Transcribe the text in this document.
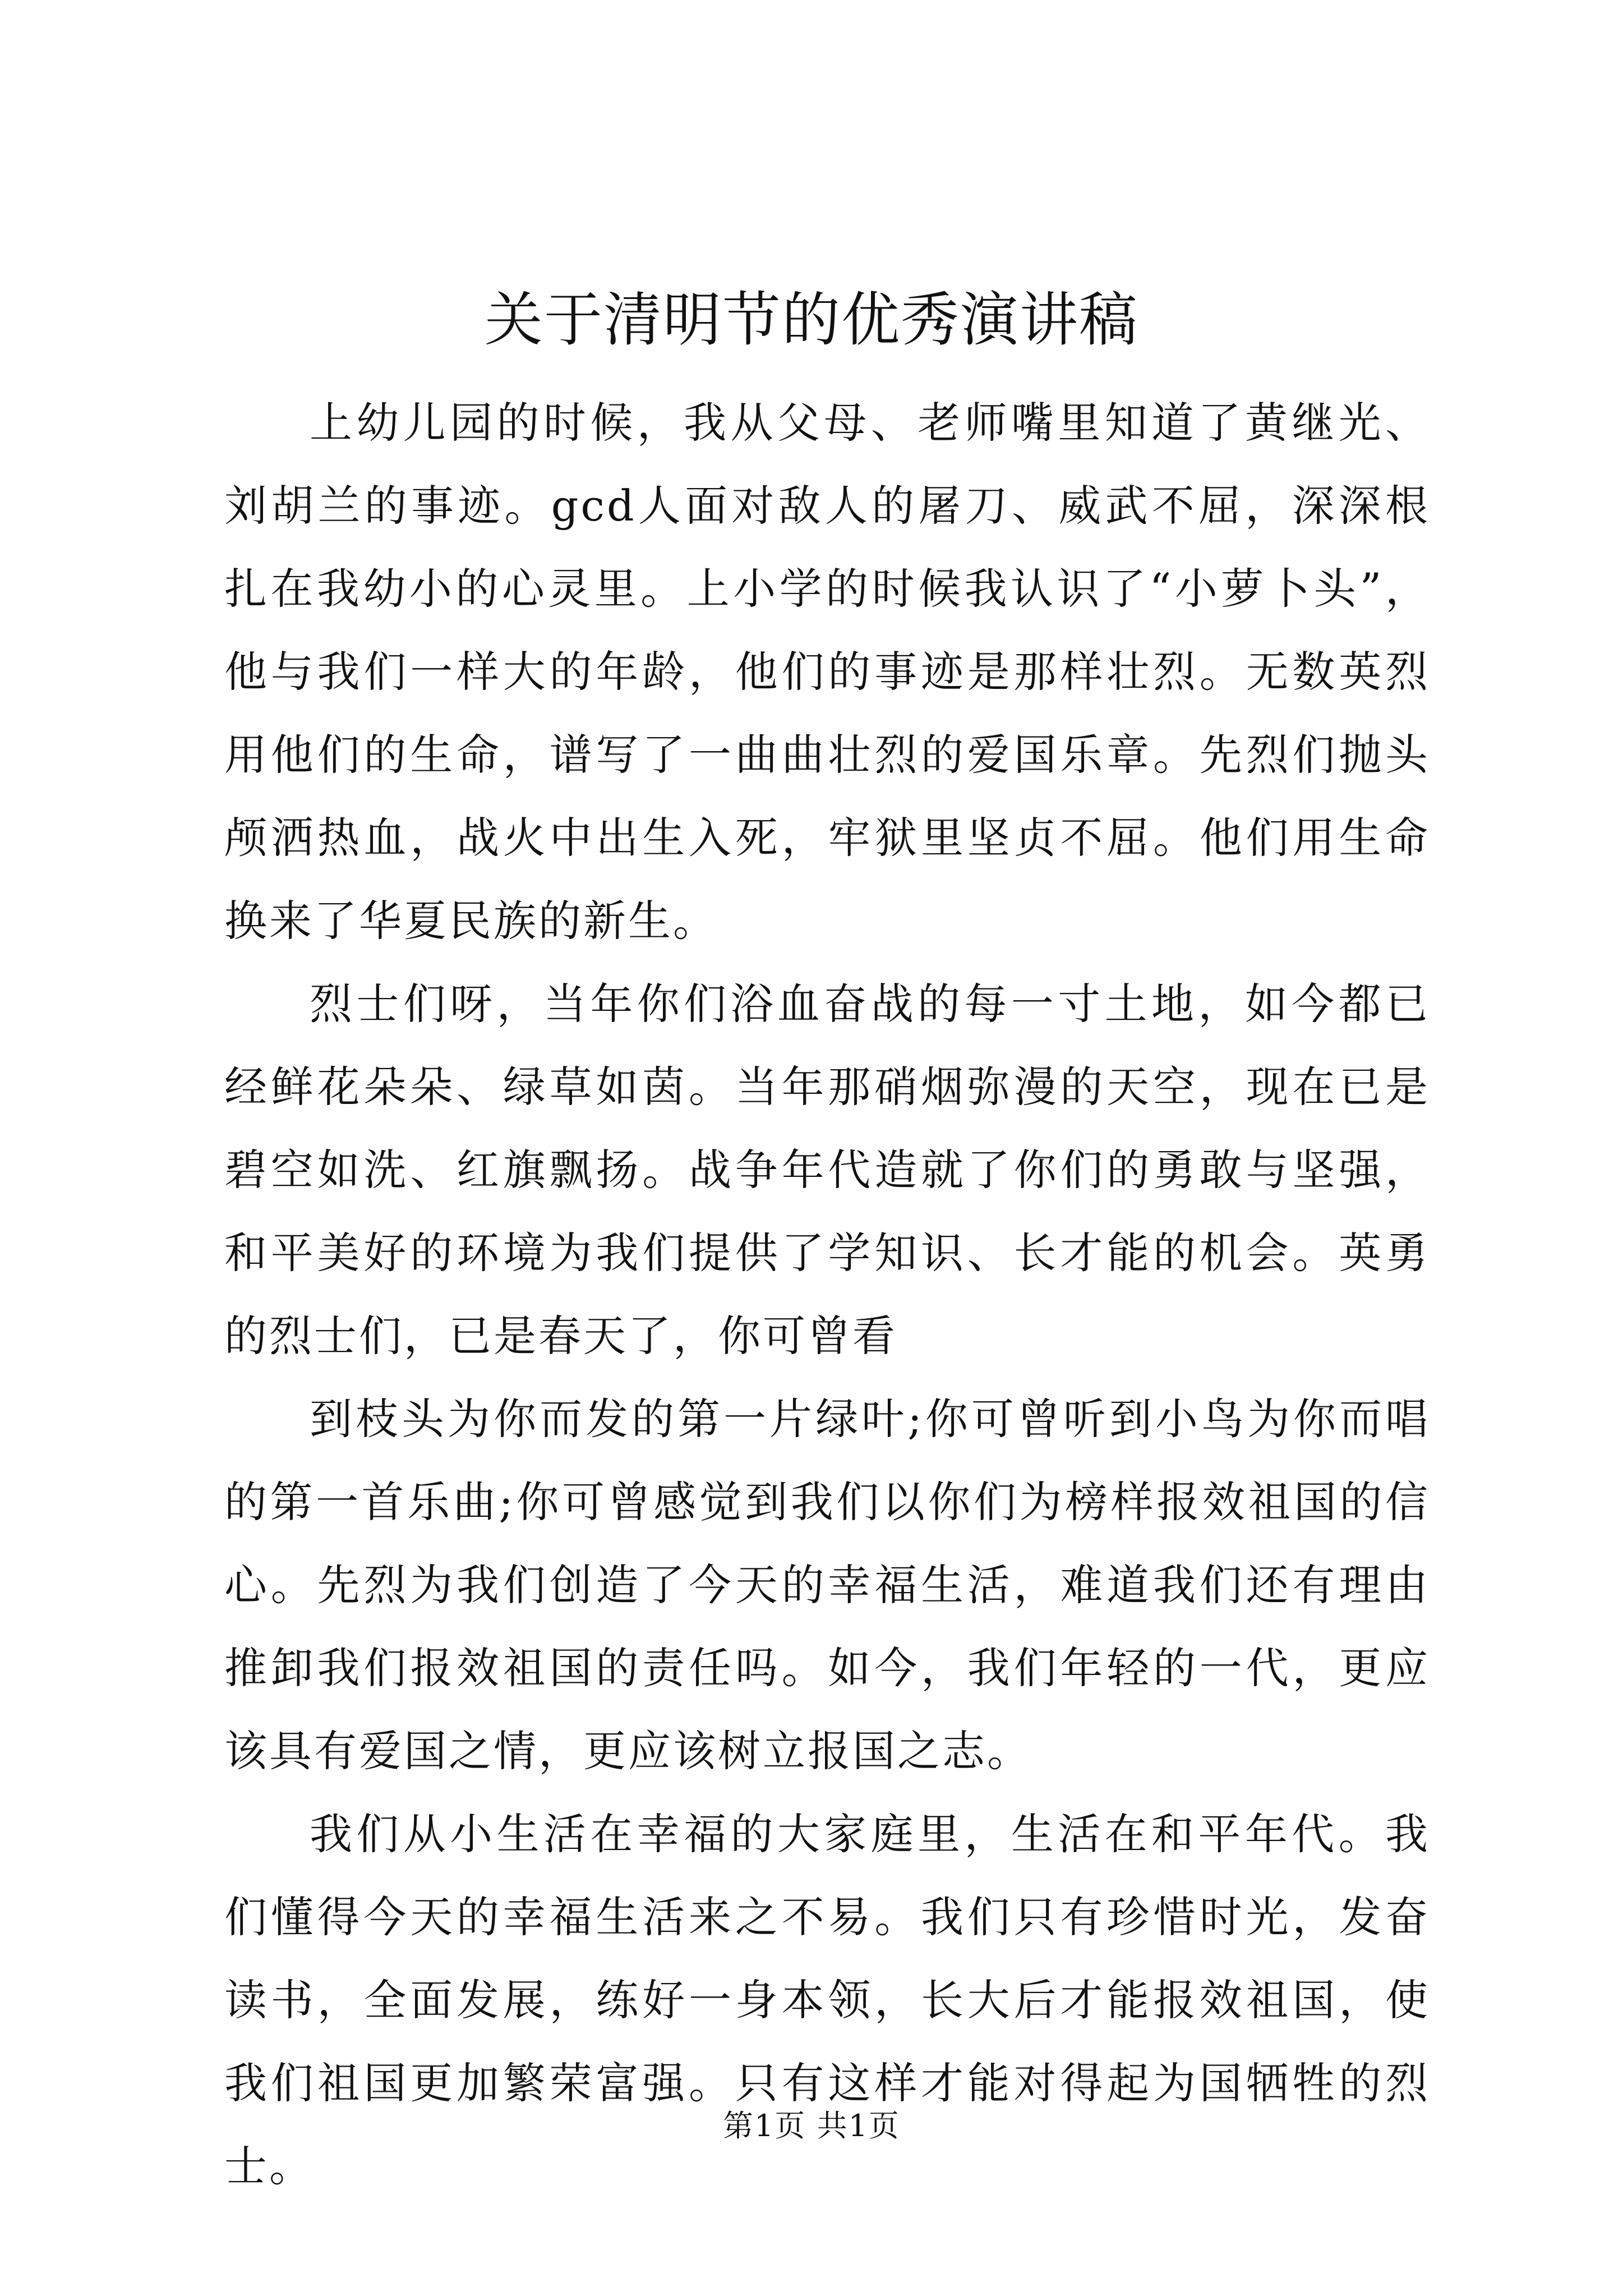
关于清明节的优秀演讲稿

上幼儿园的时候，我从父母、老师嘴里知道了黄继光、刘胡兰的事迹。gcd人面对敌人的屠刀、威武不屈，深深根扎在我幼小的心灵里。上小学的时候我认识了“小萝卜头”，他与我们一样大的年龄，他们的事迹是那样壮烈。无数英烈用他们的生命，谱写了一曲曲壮烈的爱国乐章。先烈们抛头颅洒热血，战火中出生入死，牢狱里坚贞不屈。他们用生命换来了华夏民族的新生。

烈士们呀，当年你们浴血奋战的每一寸土地，如今都已经鲜花朵朵、绿草如茵。当年那硝烟弥漫的天空，现在已是碧空如洗、红旗飘扬。战争年代造就了你们的勇敢与坚强，和平美好的环境为我们提供了学知识、长才能的机会。英勇的烈士们，已是春天了，你可曾看

到枝头为你而发的第一片绿叶;你可曾听到小鸟为你而唱的第一首乐曲;你可曾感觉到我们以你们为榜样报效祖国的信心。先烈为我们创造了今天的幸福生活，难道我们还有理由推卸我们报效祖国的责任吗。如今，我们年轻的一代，更应该具有爱国之情，更应该树立报国之志。

我们从小生活在幸福的大家庭里，生活在和平年代。我们懂得今天的幸福生活来之不易。我们只有珍惜时光，发奋读书，全面发展，练好一身本领，长大后才能报效祖国，使我们祖国更加繁荣富强。只有这样才能对得起为国牺牲的烈士。

第1页 共1页
